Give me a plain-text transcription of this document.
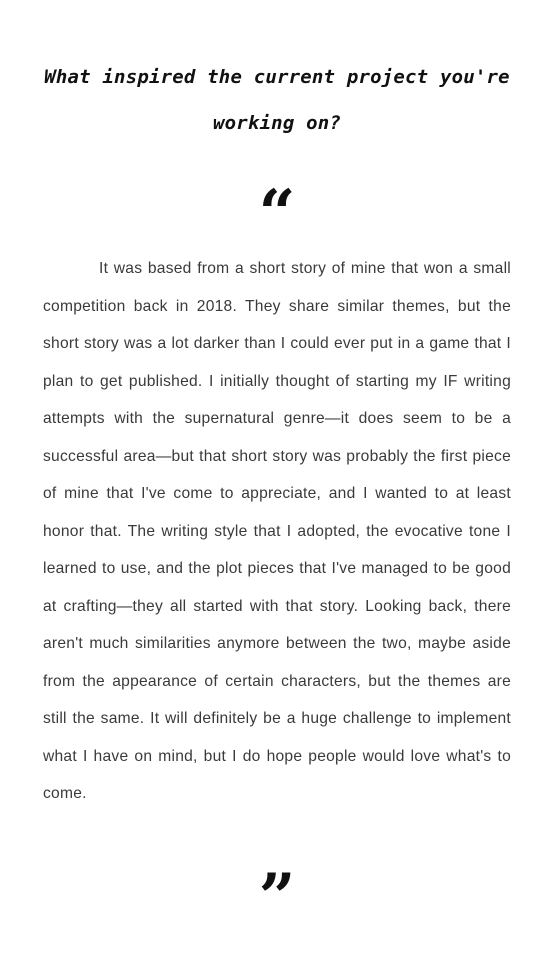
What inspired the current project you're working on?
“

It was based from a short story of mine that won a small competition back in 2018. They share similar themes, but the short story was a lot darker than I could ever put in a game that I plan to get published. I initially thought of starting my IF writing attempts with the supernatural genre—it does seem to be a successful area—but that short story was probably the first piece of mine that I've come to appreciate, and I wanted to at least honor that. The writing style that I adopted, the evocative tone I learned to use, and the plot pieces that I've managed to be good at crafting—they all started with that story. Looking back, there aren't much similarities anymore between the two, maybe aside from the appearance of certain characters, but the themes are still the same. It will definitely be a huge challenge to implement what I have on mind, but I do hope people would love what's to come.

”
